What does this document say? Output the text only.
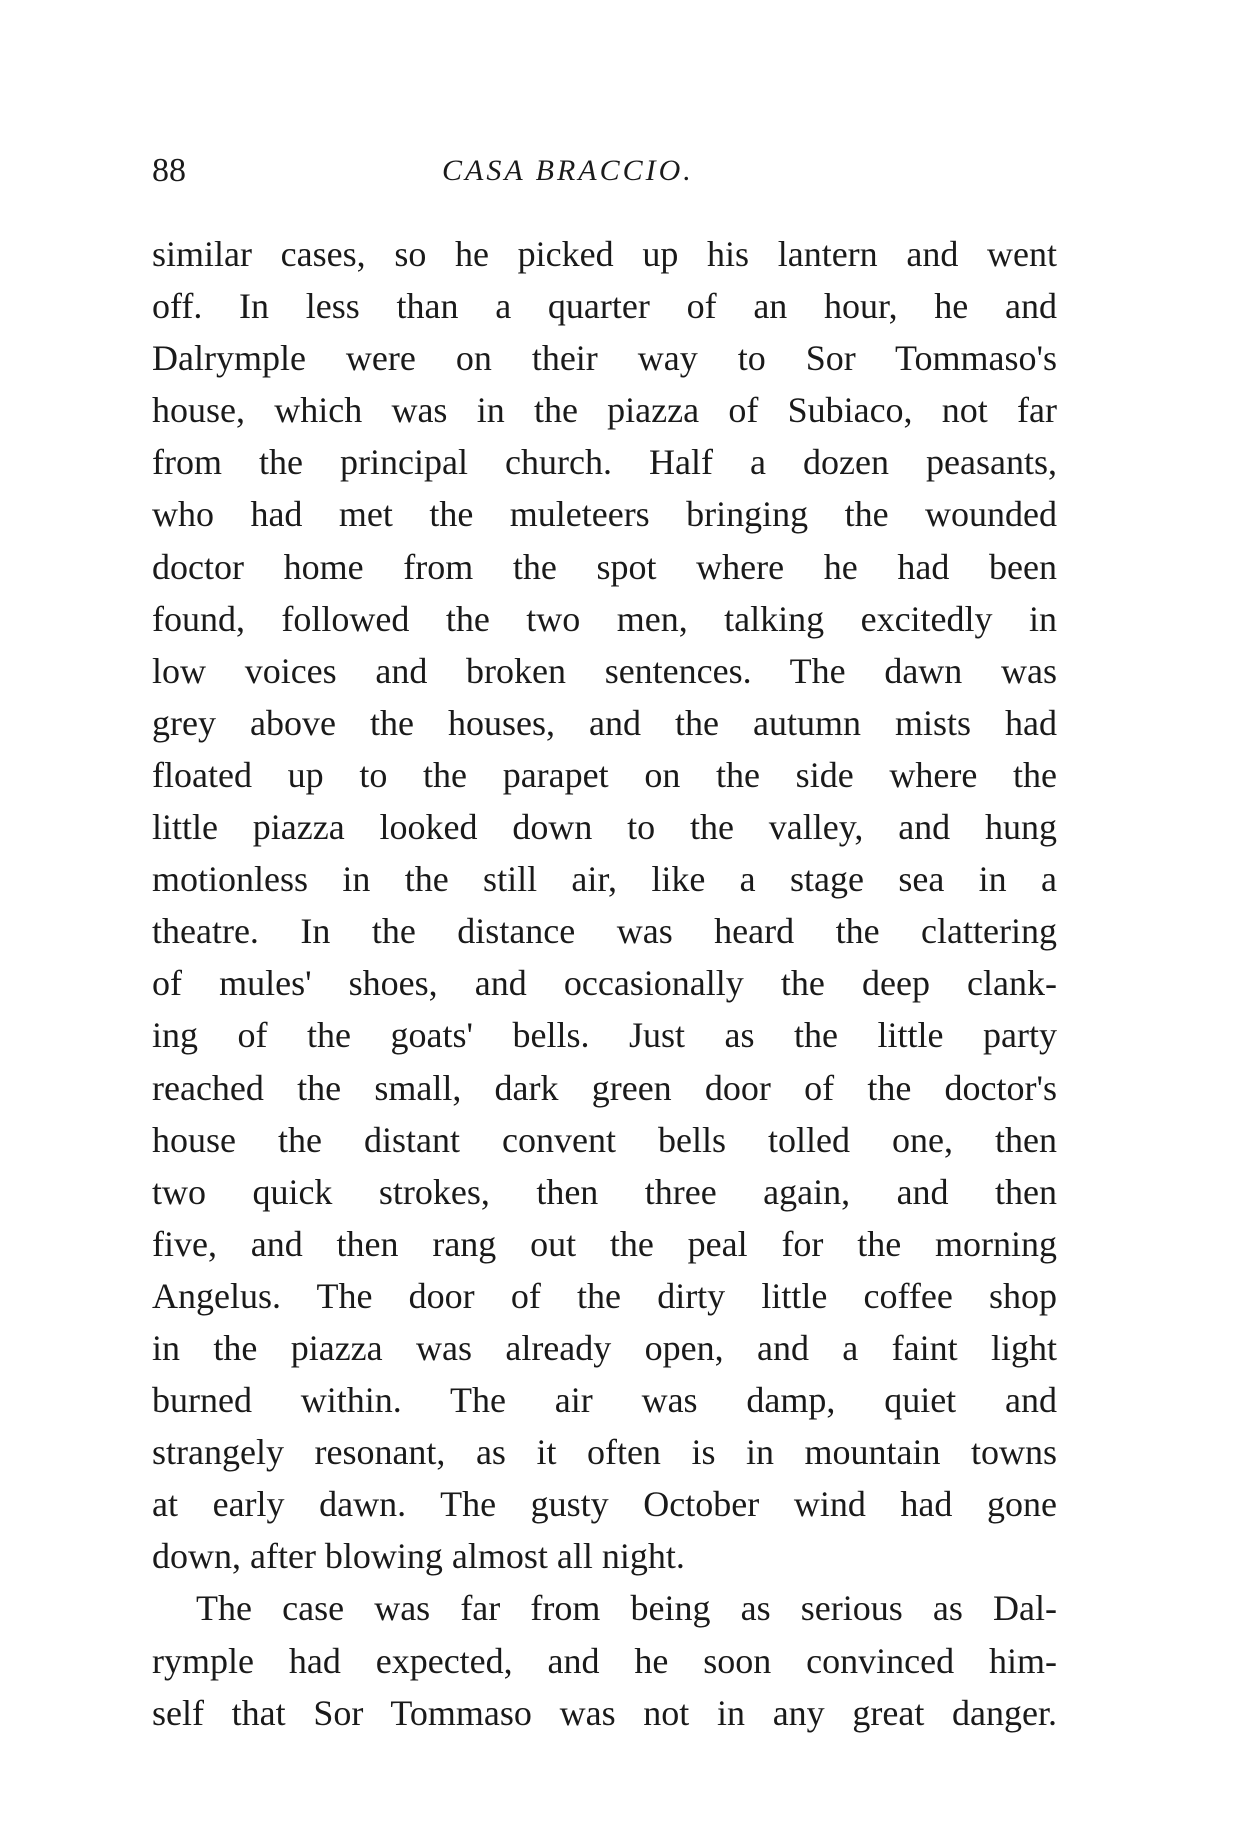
88	CASA BRACCIO.
similar cases, so he picked up his lantern and went
off. In less than a quarter of an hour, he and
Dalrymple were on their way to Sor Tommaso's
house, which was in the piazza of Subiaco, not far
from the principal church. Half a dozen peasants,
who had met the muleteers bringing the wounded
doctor home from the spot where he had been
found, followed the two men, talking excitedly in
low voices and broken sentences. The dawn was
grey above the houses, and the autumn mists had
floated up to the parapet on the side where the
little piazza looked down to the valley, and hung
motionless in the still air, like a stage sea in a
theatre. In the distance was heard the clattering
of mules' shoes, and occasionally the deep clank-
ing of the goats' bells. Just as the little party
reached the small, dark green door of the doctor's
house the distant convent bells tolled one, then
two quick strokes, then three again, and then
five, and then rang out the peal for the morning
Angelus. The door of the dirty little coffee shop
in the piazza was already open, and a faint light
burned within. The air was damp, quiet and
strangely resonant, as it often is in mountain towns
at early dawn. The gusty October wind had gone
down, after blowing almost all night.
The case was far from being as serious as Dal-
rymple had expected, and he soon convinced him-
self that Sor Tommaso was not in any great danger.
